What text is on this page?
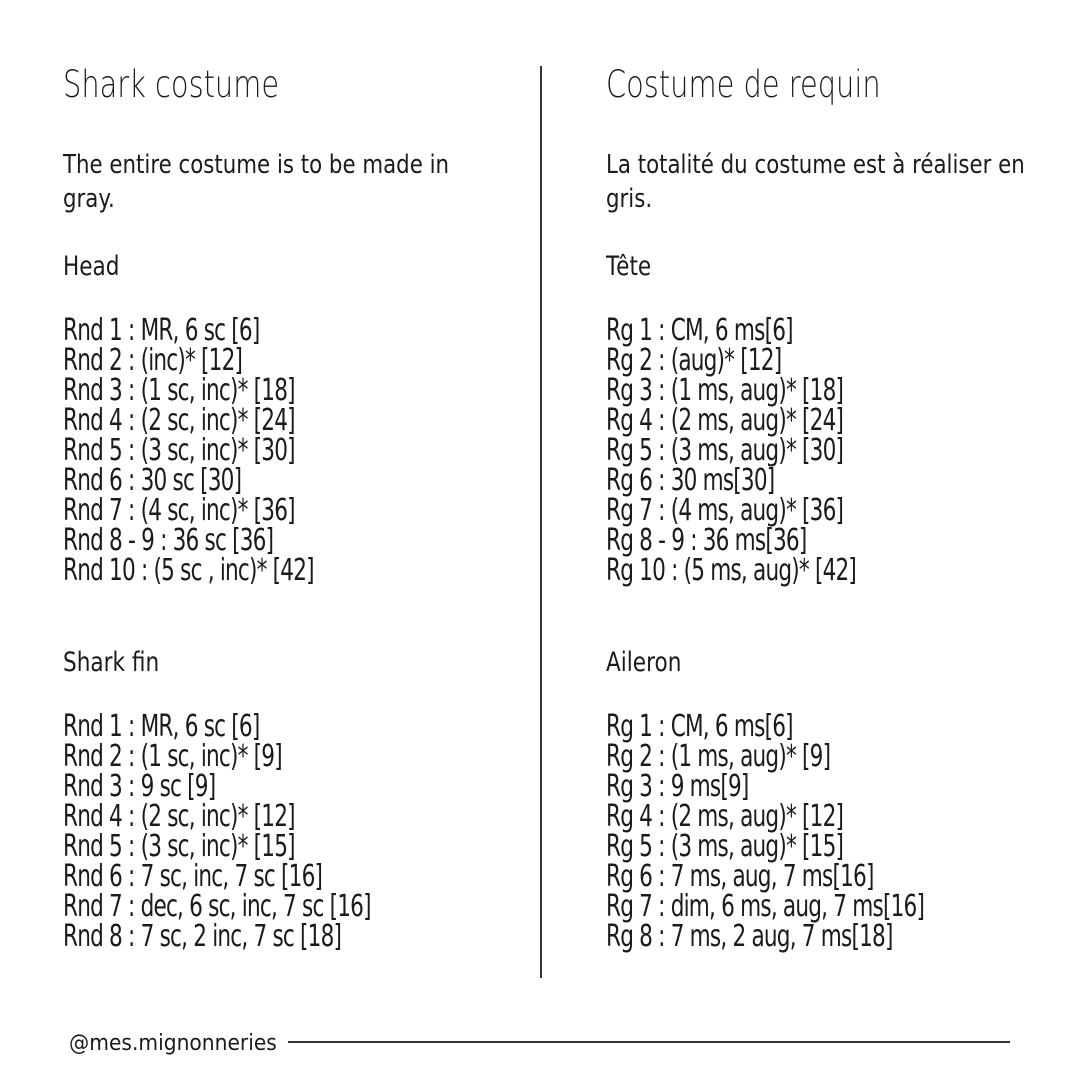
Shark costume
The entire costume is to be made in gray.
Head
Rnd 1 : MR, 6 sc [6]
Rnd 2 : (inc)* [12]
Rnd 3 : (1 sc, inc)* [18]
Rnd 4 : (2 sc, inc)* [24]
Rnd 5 : (3 sc, inc)* [30]
Rnd 6 : 30 sc [30]
Rnd 7 : (4 sc, inc)* [36]
Rnd 8 - 9 : 36 sc [36]
Rnd 10 : (5 sc , inc)* [42]
Shark fin
Rnd 1 : MR, 6 sc [6]
Rnd 2 : (1 sc, inc)* [9]
Rnd 3 : 9 sc [9]
Rnd 4 : (2 sc, inc)* [12]
Rnd 5 : (3 sc, inc)* [15]
Rnd 6 : 7 sc, inc, 7 sc [16]
Rnd 7 : dec, 6 sc, inc, 7 sc [16]
Rnd 8 : 7 sc, 2 inc, 7 sc [18]
Costume de requin
La totalité du costume est à réaliser en gris.
Tête
Rg 1 : CM, 6 ms[6]
Rg 2 : (aug)* [12]
Rg 3 : (1 ms, aug)* [18]
Rg 4 : (2 ms, aug)* [24]
Rg 5 : (3 ms, aug)* [30]
Rg 6 : 30 ms[30]
Rg 7 : (4 ms, aug)* [36]
Rg 8 - 9 : 36 ms[36]
Rg 10 : (5 ms, aug)* [42]
Aileron
Rg 1 : CM, 6 ms[6]
Rg 2 : (1 ms, aug)* [9]
Rg 3 : 9 ms[9]
Rg 4 : (2 ms, aug)* [12]
Rg 5 : (3 ms, aug)* [15]
Rg 6 : 7 ms, aug, 7 ms[16]
Rg 7 : dim, 6 ms, aug, 7 ms[16]
Rg 8 : 7 ms, 2 aug, 7 ms[18]
@mes.mignonneries
